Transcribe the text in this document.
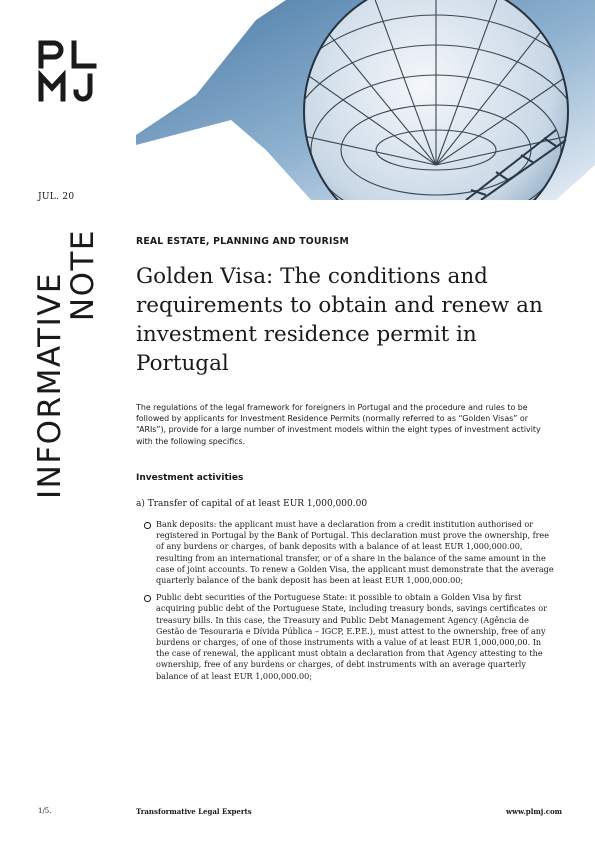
JUL. 20
INFORMATIVE
NOTE	REAL ESTATE, PLANNING AND TOURISM
Golden Visa: The conditions and requirements to obtain and renew an investment residence permit in Portugal

The regulations of the legal framework for foreigners in Portugal and the procedure and rules to be followed by applicants for Investment Residence Permits (normally referred to as “Golden Visas” or “ARIs”), provide for a large number of investment models within the eight types of investment activity with the following specifics.

Investment activities
a) Transfer of capital of at least EUR 1,000,000.00
Bank deposits: the applicant must have a declaration from a credit institution authorised or registered in Portugal by the Bank of Portugal. This declaration must prove the ownership, free of any burdens or charges, of bank deposits with a balance of at least EUR 1,000,000.00, resulting from an international transfer, or of a share in the balance of the same amount in the case of joint accounts. To renew a Golden Visa, the applicant must demonstrate that the average quarterly balance of the bank deposit has been at least EUR 1,000,000.00;
Public debt securities of the Portuguese State: it possible to obtain a Golden Visa by first acquiring public debt of the Portuguese State, including treasury bonds, savings certificates or treasury bills. In this case, the Treasury and Public Debt Management Agency (Agência de Gestão de Tesouraria e Dívida Pública – IGCP, E.P.E.), must attest to the ownership, free of any burdens or charges, of one of those instruments with a value of at least EUR 1,000,000,00. In the case of renewal, the applicant must obtain a declaration from that Agency attesting to the ownership, free of any burdens or charges, of debt instruments with an average quarterly balance of at least EUR 1,000,000.00;
1/5.	Transformative Legal Experts	www.plmj.com
